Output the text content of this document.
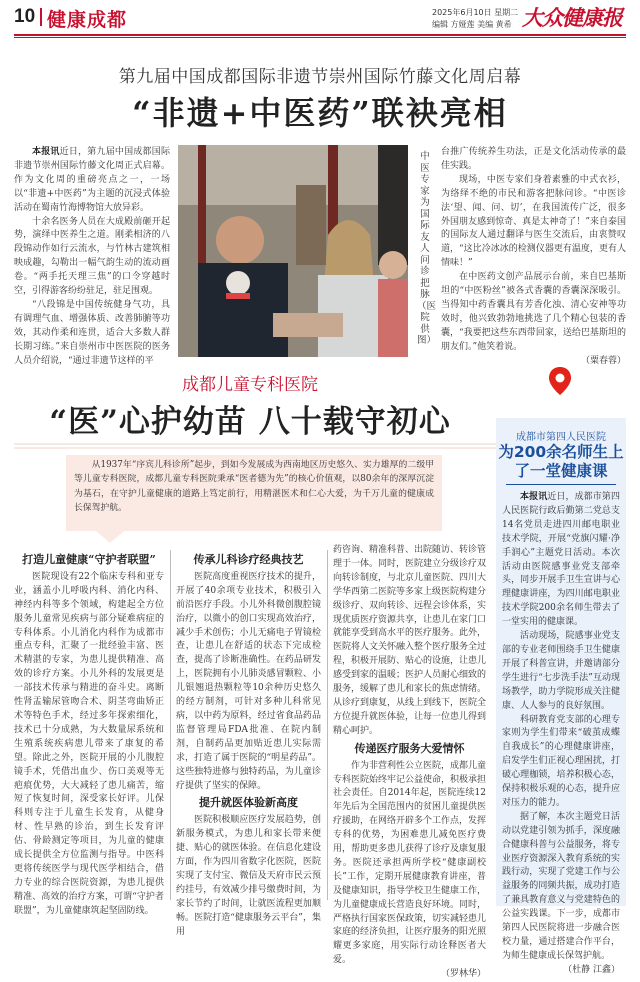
10 健康成都	2025年6月10日 星期二
编辑 方娅莲 美编 黄希 大众健康报
第九届中国成都国际非遗节崇州国际竹藤文化周启幕
“非遗+中医药”联袂亮相

本报讯近日，第九届中国成都国际非遗节崇州国际竹藤文化周正式启幕。作为文化周的重磅亮点之一，一场以“非遗+中医药”为主题的沉浸式体验活动在蜀南竹海博物馆大放异彩。

十余名医务人员在大成殿前砸开起势，演绎中医养生之道。刚柔相济的八段锦动作如行云流水，与竹林古建筑相映成趣，勾勒出一幅气韵生动的流动画卷。“两手托天理三焦”的口令穿越时空，引得游客纷纷驻足，驻足围观。

“八段锦是中国传统健身气功，具有调理气血、增强体质、改善肺腑等功效，其动作柔和连贯，适合大多数人群长期习练。”来自崇州市中医医院的医务人员介绍说，“通过非遗节这样的平

中医专家为国际友人问诊把脉（医院供图）

台推广传统养生功法，正是文化活动传承的最佳实践。

现场，中医专家们身着素雅的中式衣衫，为络绎不绝的市民和游客把脉问诊。“中医诊法‘望、闻、问、切’，在我国流传广泛，很多外国朋友感到惊奇、真是太神奇了！”来自泰国的国际友人通过翻译与医生交流后，由衷赞叹道，“这比冷冰冰的检测仪器更有温度，更有人情味！”

在中医药文创产品展示台前，来自巴基斯坦的“中医粉丝”被各式香囊的香囊深深吸引。当得知中药香囊具有芳香化浊、清心安神等功效时，他兴致勃勃地挑选了几个精心包装的香囊，“我要把这些东西带回家，送给巴基斯坦的朋友们。”他笑着说。

（粟春蓉）

成都儿童专科医院
“医”心护幼苗 八十载守初心
从1937年“序宾儿科诊所”起步，到如今发展成为西南地区历史悠久、实力雄厚的二级甲等儿童专科医院，成都儿童专科医院秉承“医者德为先”的核心价值观，以80余年的深厚沉淀为基石，在守护儿童健康的道路上笃定前行，用精湛医术和仁心大爱，为千万儿童的健康成长保驾护航。

打造儿童健康“守护者联盟”

医院现设有22个临床专科和亚专业，涵盖小儿呼吸内科、消化内科、神经内科等多个领域，构建起全方位服务儿童常见疾病与部分疑难病症的专科体系。小儿消化内科作为成都市重点专科，汇聚了一批经验丰富、医术精湛的专家，为患儿提供精准、高效的诊疗方案。小儿外科的发展更是一部技术传承与精进的奋斗史。离断性肾盂输尿管吻合术、阴茎弯曲矫正术等特色手术，经过多年探索细化，技术已十分成熟，为大数量尿系统和生殖系统疾病患儿带来了康复的希望。除此之外，医院开展的小儿腹腔镜手术，凭借出血少、伤口美观等无疤痕优势，大大减轻了患儿痛苦，缩短了恢复时间，深受家长好评。儿保科则专注于儿童生长发育，从健身材、性早熟的诊治，到生长发育评估、骨龄测定等项目，为儿童的健康成长提供全方位监测与指导。中医科更将传统医学与现代医学相结合，借力专业的综合医院资源，为患儿提供精准、高效的治疗方案，可谓“守护者联盟”，为儿童健康筑起坚固防线。

传承儿科诊疗经典技艺

医院高度重视医疗技术的提升，开展了40余项专业技术，积极引入前沿医疗手段。小儿外科微创腹腔镜治疗，以微小的创口实现高效治疗，减少手术创伤；小儿无痛电子胃镜检查，让患儿在舒适的状态下完成检查，提高了诊断准确性。在药品研发上，医院拥有小儿肺炎感冒颗粒、小儿银翘退热颗粒等10余种历史悠久的经方制剂，可针对多种儿科常见病，以中药为原料，经过省食品药品监督管理局FDA批准、在院内制剂，自制药品更加贴近患儿实际需求，打造了属于医院的“明星药品”。这些独特进修与独特药品，为儿童诊疗提供了坚实的保障。

提升就医体验新高度

医院积极顺应医疗发展趋势，创新服务模式，为患儿和家长带来便捷、贴心的就医体验。在信息化建设方面，作为四川省数字化医院，医院实现了支付宝、微信及天府市民云预约挂号，有效减少排号缴费时间，为家长节约了时间，让就医流程更加顺畅。医院打造“健康服务云平台”，集用

药咨询、精准科普、出院随访、转诊管理于一体。同时，医院建立分级诊疗双向转诊制度，与北京儿童医院、四川大学华西第二医院等多家上级医院构建分级诊疗、双向转诊、远程会诊体系，实现优质医疗资源共享，让患儿在家门口就能享受到高水平的医疗服务。此外，医院将人文关怀融入整个医疗服务全过程，积极开展防、贴心的设施，让患儿感受到家的温暖；医护人员耐心细致的服务，缓解了患儿和家长的焦虑情绪。从诊疗到康复，从线上到线下，医院全方位提升就医体验，让每一位患儿得到精心呵护。

传递医疗服务大爱情怀

作为非营利性公立医院，成都儿童专科医院始终牢记公益使命，积极承担社会责任。自2014年起，医院连续12年先后为全国范围内的贫困儿童提供医疗援助，在网络开辟多个工作点，发挥专科的优势，为困难患儿减免医疗费用，帮助更多患儿获得了诊疗及康复服务。医院还承担两所学校“健康副校长”工作，定期开展健康教育讲座，普及健康知识，指导学校卫生健康工作，为儿童健康成长营造良好环境。同时，严格执行国家医保政策，切实减轻患儿家庭的经济负担，让医疗服务的阳光照耀更多家庭，用实际行动诠释医者大爱。

（罗林华）

成都市第四人民医院
为200余名师生上了一堂健康课

本报讯近日，成都市第四人民医院行政后勤第二党总支14名党员走进四川邮电职业技术学院，开展“党旗闪耀·净手润心”主题党日活动。本次活动由医院感事业党支部牵头，同步开展手卫生宣讲与心理健康讲座，为四川邮电职业技术学院200余名师生带去了一堂实用的健康课。

活动现场，院感事业党支部的专业老师围绕手卫生健康开展了科普宣讲，并邀请部分学生进行“七步洗手法”互动现场教学，助力学院形成关注健康、人人参与的良好氛围。

科研教育党支部的心理专家则为学生们带来“破茧成蝶 自我成长”的心理健康讲座，启发学生们正视心理困扰，打破心理枷锁，培养积极心态，保持积极乐观的心态，提升应对压力的能力。

据了解，本次主题党日活动以党建引领为抓手，深度融合健康科普与公益服务，将专业医疗资源深入教育系统的实践行动，实现了党建工作与公益服务的同频共振，成功打造了兼具教育意义与党建特色的公益实践课。下一步，成都市第四人民医院将进一步融合医校力量，通过搭建合作平台，为师生健康成长保驾护航。

（杜静 江鑫）
